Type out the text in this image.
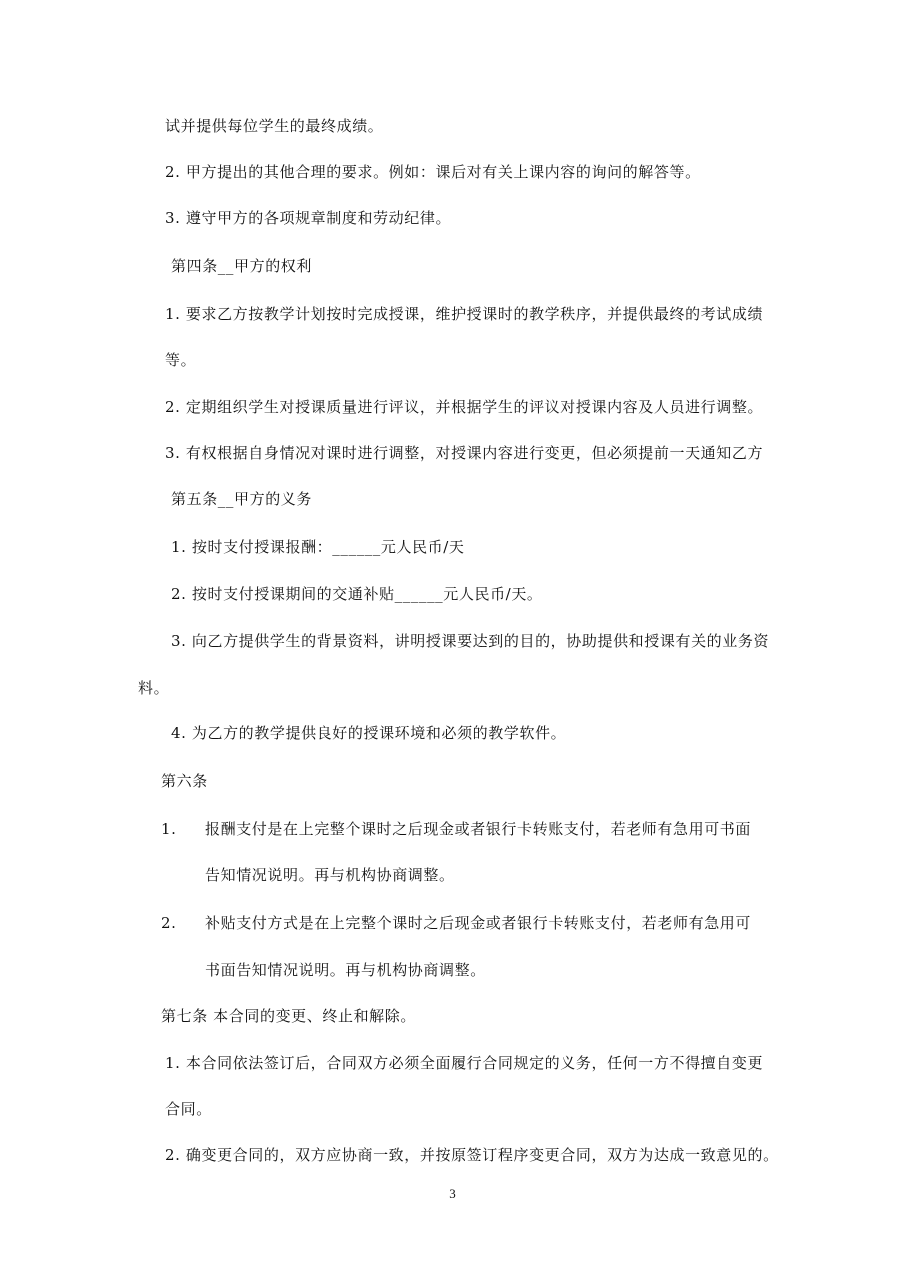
试并提供每位学生的最终成绩。
2. 甲方提出的其他合理的要求。例如：课后对有关上课内容的询问的解答等。
3. 遵守甲方的各项规章制度和劳动纪律。
第四条__甲方的权利
1. 要求乙方按教学计划按时完成授课，维护授课时的教学秩序，并提供最终的考试成绩
等。
2. 定期组织学生对授课质量进行评议，并根据学生的评议对授课内容及人员进行调整。
3. 有权根据自身情况对课时进行调整，对授课内容进行变更，但必须提前一天通知乙方
第五条__甲方的义务
1. 按时支付授课报酬：______元人民币/天
2. 按时支付授课期间的交通补贴______元人民币/天。
3. 向乙方提供学生的背景资料，讲明授课要达到的目的，协助提供和授课有关的业务资
料。
4. 为乙方的教学提供良好的授课环境和必须的教学软件。
第六条
1. 报酬支付是在上完整个课时之后现金或者银行卡转账支付，若老师有急用可书面
告知情况说明。再与机构协商调整。
2. 补贴支付方式是在上完整个课时之后现金或者银行卡转账支付，若老师有急用可
书面告知情况说明。再与机构协商调整。
第七条 本合同的变更、终止和解除。
1. 本合同依法签订后，合同双方必须全面履行合同规定的义务，任何一方不得擅自变更
合同。
2. 确变更合同的，双方应协商一致，并按原签订程序变更合同，双方为达成一致意见的。
3
